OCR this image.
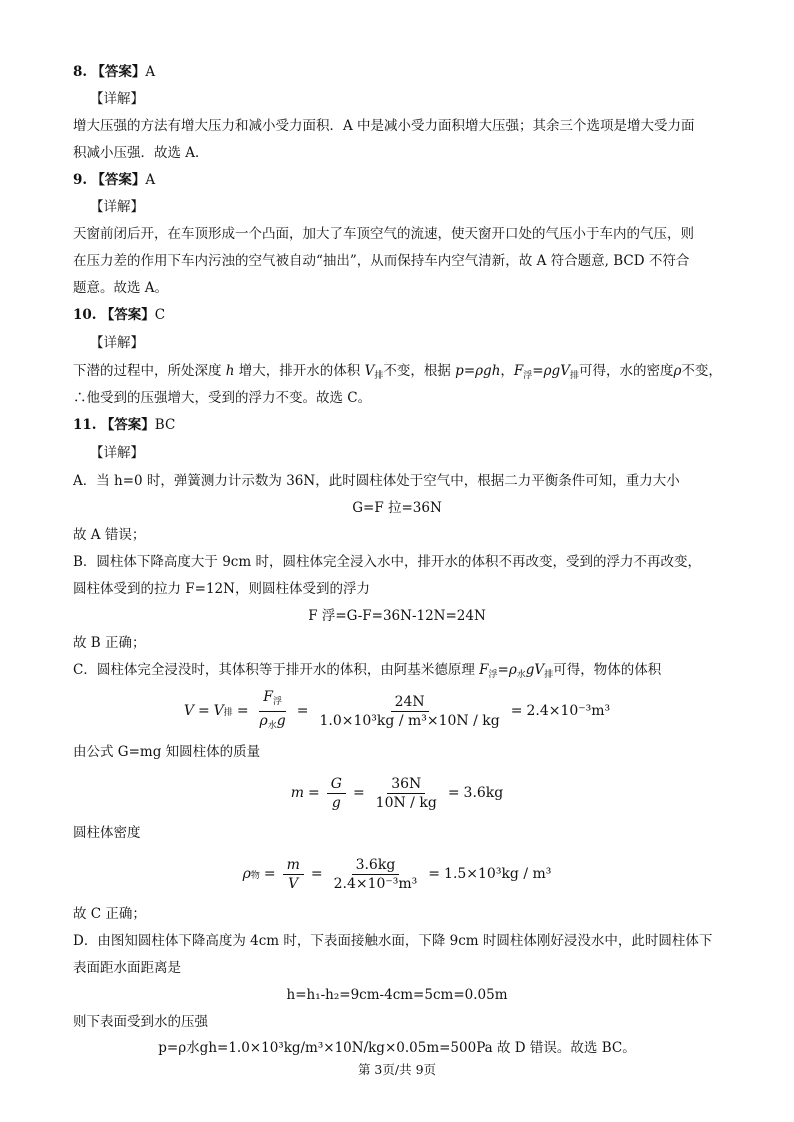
8. 【答案】A
【详解】
增大压强的方法有增大压力和减小受力面积．A 中是减小受力面积增大压强；其余三个选项是增大受力面
积减小压强．故选 A．
9. 【答案】A
【详解】
天窗前闭后开，在车顶形成一个凸面，加大了车顶空气的流速，使天窗开口处的气压小于车内的气压，则
在压力差的作用下车内污浊的空气被自动“抽出”，从而保持车内空气清新，故 A 符合题意, BCD 不符合
题意。故选 A。
10. 【答案】C
【详解】
下潜的过程中，所处深度 h 增大，排开水的体积 $V_排$不变，根据 p=ρgh，$F_浮=\rho gV_排$可得，水的密度ρ不变，
∴他受到的压强增大，受到的浮力不变。故选 C。
11. 【答案】BC
【详解】
A．当 h=0 时，弹簧测力计示数为 36N，此时圆柱体处于空气中，根据二力平衡条件可知，重力大小
G=F 拉=36N
故 A 错误；
B．圆柱体下降高度大于 9cm 时，圆柱体完全浸入水中，排开水的体积不再改变，受到的浮力不再改变，
圆柱体受到的拉力 F=12N，则圆柱体受到的浮力
F 浮=G-F=36N-12N=24N
故 B 正确；
C．圆柱体完全浸没时，其体积等于排开水的体积，由阿基米德原理 $F_浮=\rho_水gV_排$可得，物体的体积
V = V 排 = $\frac{F_浮}{\rho_水g} = \frac{24N}{\text{1.0×10³kg / m³×10N / kg}} = 2.4\times 10^{-3}m^3$
由公式 G=mg 知圆柱体的质量
$m = \frac{G}{g} = \frac{36N}{10N / kg} = 3.6kg$
圆柱体密度
ρ 物 = $\frac{m}{V} = \frac{3.6kg}{\text{2.4×10⁻³m³}} = 1.5\times 10^3kg / m^3$
故 C 正确；
D．由图知圆柱体下降高度为 4cm 时，下表面接触水面，下降 9cm 时圆柱体刚好浸没水中，此时圆柱体下
表面距水面距离是
h=h₁-h₂=9cm-4cm=5cm=0.05m
则下表面受到水的压强
p=ρ水gh=1.0×10³kg/m³×10N/kg×0.05m=500Pa 故 D 错误。故选 BC。
第 3页/共 9页
